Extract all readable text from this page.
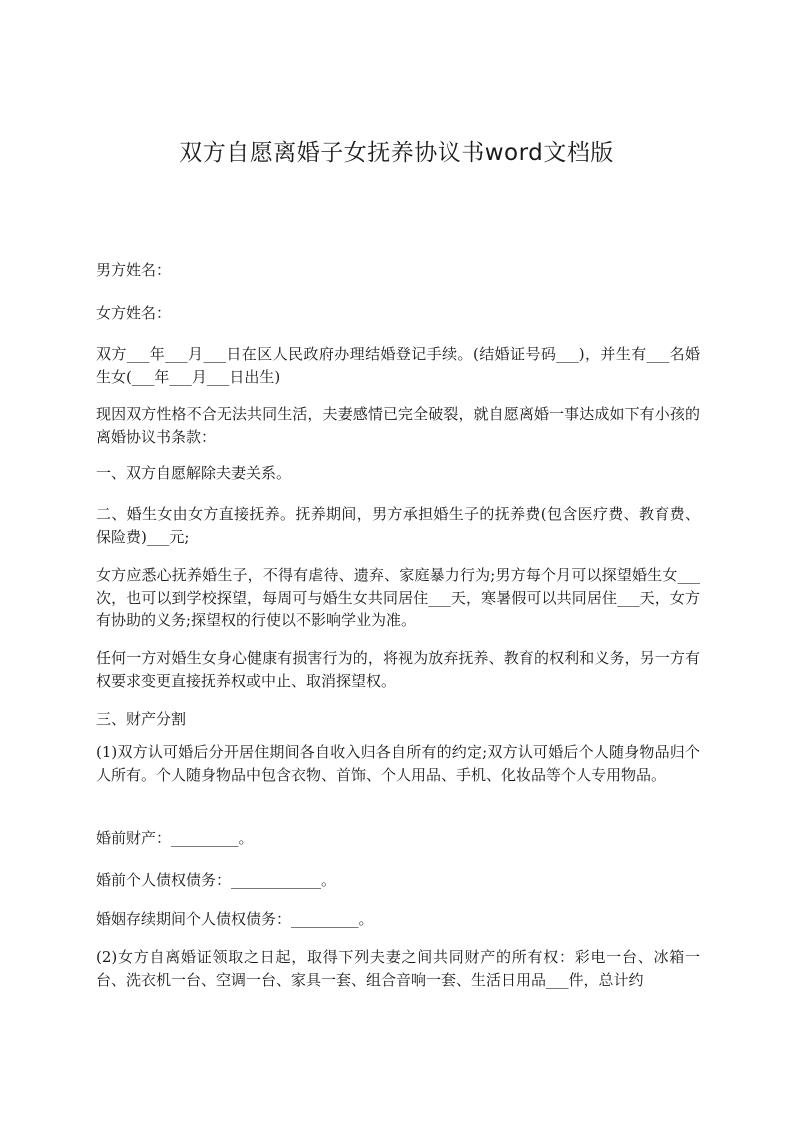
双方自愿离婚子女抚养协议书word文档版

男方姓名：

女方姓名：

双方___年___月___日在区人民政府办理结婚登记手续。(结婚证号码___)，并生有___名婚生女(___年___月___日出生)

现因双方性格不合无法共同生活，夫妻感情已完全破裂，就自愿离婚一事达成如下有小孩的离婚协议书条款：

一、双方自愿解除夫妻关系。

二、婚生女由女方直接抚养。抚养期间，男方承担婚生子的抚养费(包含医疗费、教育费、保险费)___元;

女方应悉心抚养婚生子，不得有虐待、遗弃、家庭暴力行为;男方每个月可以探望婚生女___次，也可以到学校探望，每周可与婚生女共同居住___天，寒暑假可以共同居住___天，女方有协助的义务;探望权的行使以不影响学业为准。

任何一方对婚生女身心健康有损害行为的，将视为放弃抚养、教育的权利和义务，另一方有权要求变更直接抚养权或中止、取消探望权。

三、财产分割

(1)双方认可婚后分开居住期间各自收入归各自所有的约定;双方认可婚后个人随身物品归个人所有。个人随身物品中包含衣物、首饰、个人用品、手机、化妆品等个人专用物品。

婚前财产：_________。

婚前个人债权债务：____________。

婚姻存续期间个人债权债务：_________。

(2)女方自离婚证领取之日起，取得下列夫妻之间共同财产的所有权：彩电一台、冰箱一台、洗衣机一台、空调一台、家具一套、组合音响一套、生活日用品___件，总计约
